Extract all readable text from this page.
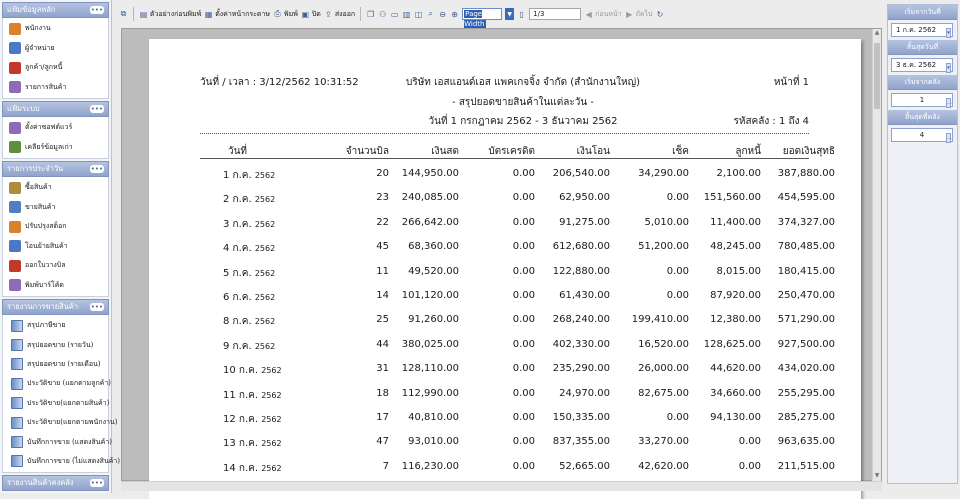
แฟ้มข้อมูลหลัก	•••
พนักงาน
ผู้จำหน่าย
ลูกค้า/ลูกหนี้
รายการสินค้า
แฟ้มระบบ	•••
ตั้งค่าซอฟต์แวร์
เคลียร์ข้อมูลเก่า
รายการประจำวัน	•••
ซื้อสินค้า
ขายสินค้า
ปรับปรุงสต็อก
โอนย้ายสินค้า
ออกใบวางบิล
พิมพ์บาร์โค้ด
รายงานการขายสินค้า	•••
สรุปภาษีขาย
สรุปยอดขาย (รายวัน)
สรุปยอดขาย (รายเดือน)
ประวัติขาย (แยกตามลูกค้า)
ประวัติขาย(แยกตามสินค้า)
ประวัติขาย(แยกตามพนักงาน)
บันทึกการขาย (แสดงสินค้า)
บันทึกการขาย (ไม่แสดงสินค้า)
รายงานสินค้าคงคลัง	•••
⧉ ▤ ตัวอย่างก่อนพิมพ์ ▦ ตั้งค่าหน้ากระดาษ ⎙ พิมพ์ ▣ ปิด ⇪ ส่งออก ❐ ⚇ ▭ ▥ ◫ ⌕ ⊖ ⊕	Page Width
▼ ▯	1/3	◀ ก่อนหน้า ▶ ถัดไป ↻
วันที่ / เวลา : 3/12/2562 10:31:52	บริษัท เอสแอนด์เอส แพคเกจจิ้ง จำกัด (สำนักงานใหญ่)	หน้าที่ 1
- สรุปยอดขายสินค้าในแต่ละวัน -
วันที่ 1 กรกฎาคม 2562 - 3 ธันวาคม 2562	รหัสคลัง : 1 ถึง 4
วันที่	จำนวนบิล	เงินสด	บัตรเครดิต	เงินโอน	เช็ค	ลูกหนี้	ยอดเงินสุทธิ
1 ก.ค. 2562	20	144,950.00	0.00	206,540.00	34,290.00	2,100.00	387,880.00
2 ก.ค. 2562	23	240,085.00	0.00	62,950.00	0.00	151,560.00	454,595.00
3 ก.ค. 2562	22	266,642.00	0.00	91,275.00	5,010.00	11,400.00	374,327.00
4 ก.ค. 2562	45	68,360.00	0.00	612,680.00	51,200.00	48,245.00	780,485.00
5 ก.ค. 2562	11	49,520.00	0.00	122,880.00	0.00	8,015.00	180,415.00
6 ก.ค. 2562	14	101,120.00	0.00	61,430.00	0.00	87,920.00	250,470.00
8 ก.ค. 2562	25	91,260.00	0.00	268,240.00	199,410.00	12,380.00	571,290.00
9 ก.ค. 2562	44	380,025.00	0.00	402,330.00	16,520.00	128,625.00	927,500.00
10 ก.ค. 2562	31	128,110.00	0.00	235,290.00	26,000.00	44,620.00	434,020.00
11 ก.ค. 2562	18	112,990.00	0.00	24,970.00	82,675.00	34,660.00	255,295.00
12 ก.ค. 2562	17	40,810.00	0.00	150,335.00	0.00	94,130.00	285,275.00
13 ก.ค. 2562	47	93,010.00	0.00	837,355.00	33,270.00	0.00	963,635.00
14 ก.ค. 2562	7	116,230.00	0.00	52,665.00	42,620.00	0.00	211,515.00
▲
▼
เริ่มจากวันที่
1 ก.ค. 2562 ▾
สิ้นสุดวันที่
3 ธ.ค. 2562 ▾
เริ่มจากคลัง
1	…
สิ้นสุดที่คลัง
4	…
